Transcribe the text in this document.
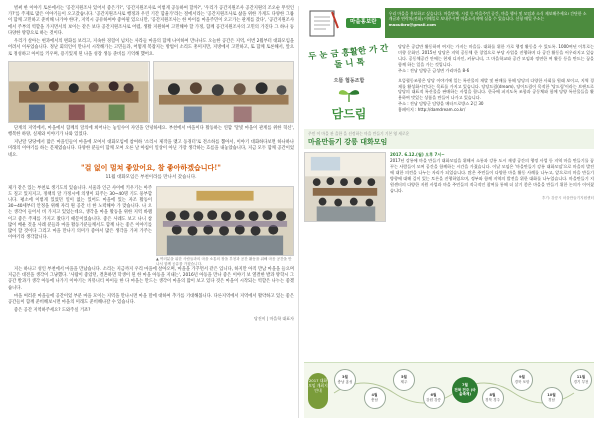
벌써 한 이야기 토론에서는 '공간지원조사 있어서 좋은가?', '공간지원조사로 이렇게 공동하여 할까?', '우리가 공간지원조사 공간지원의 조오순 무엇인가?'를 주제로 많은 이야기들이 오고갔습니다. '공간지원조사로 행정과 우린 기간 함율가'라는 절에서라는 '공간지원조사로 삶을 위한 가게도 다양한 그룹이 함께 고민하고 준비해 나가야 한다', 지역시 공유하여야 좋아될 있으니만, '공간지원조사는 한 아이를 마을주민이 오고가는 관계를 갔다', '공간지원조사에서 주부의 역할을 가지면서의 보이는 같은 보다 공간지원조사로 어렵, 생활 지원하여 고민해야 할 가정, 함께 공간지원조사의 고민의 가진다 그 하나 등 다양한 방향으로 하는 것이다.

우리가 살아는 현과에서의 변화를 보리고, 지속한 경험이 넘치는 사라들 마을의 함께 나이하여 만나나도 오늘한 공간은 지역, 이번 2월부터 대화모임을 어려서 이루었습니다. 정난 회의인이 만나서 시작해가는 고민들과, 어떻게 복잡지는 방법이 소리도 흥미지만, 지방에서 고민하고, 또 함께 토론해서, 앞으로 정성하고 아이를 키우며, 용기있게 된 나을 성장 생동 준비를 기억해 했어요.

단계의 지역에서, 마을에서 함께의 달의에 희어나는 놓일수이 자연을 안녕하세요. 부천에서 마을이다 활동하는 연합 '달빛 마을이 관계를 위한 혁신', 행복한 하양, 실제와 이야기가 나와 있었다.

지난달 당당에서 많은 마을인들이 마을에 모여서 대화모임에 참여하 '소리시 제작을 맺고 동경터'로 전소하를 뽑아서, 이야기 대화하다보면 하나하나 미래의 이야기를 하는 문제였습니다. 다양한 분들이 함께 모여 오른 날 아침이 일상이 아닌 가장 생각하는 흐름을 내놓았습니다, 지금 모두 함께 공간이었네요.

"걸 없이 멀쳐 좋았어요, 참 좋아하겠습니다!"
11월 대화모임은 부천이라를 만나서 갔습니다.

제가 같은 있는 부천로 생기도의 있습니다. 서울과 인근 사이에 키우기는 아주도 질고 있지지고, 정책의 달 가정시에 의생이 되주는 30~40명 기도 풍부합니다. 평소에 이렇게 있었던 일이 없는 있어도 마을에 있는 자조 활동이 30~40세부터 안정을 위해 자리 원 공간 너 한 노력해야 가 맞습니다. 나 오는 생각이 들어서 비 가지고 있었는데요, 생각을 마을 활동을 위한 지역 바램이고 좋은 주제를 가지고 왔다기 때문이었습니다. 좋은 사례도 보고 나니 참 많이 배운 것을 사례 분들과 마을 활동가분들께서도 함께 나는 좋은 이야기를 많이 할 것이다 그리고 마을 만나기 의미가 좋아서 많은 생각을 가져 가주는 이야기라 생각합니다.

▲ 여러분을 위한 사람들과의 마을 소통의 장을 부천과 공간 활동을 위해 마음 공간을 만나서 함께 공유를 가졌습니다.

지는 하나고 성인 부천에서 마을을 만났습니다. 소리는 지금까지 우리 마을에 살아오며, 마을을 가꾸면서 같은 입니다, 하지만 아직 만남 마을을 들으며 지금은 대전을 생각이 그냥했다. '사람이 좋았던, 결혼하면 학생이 된 한 마을 아동을 지내는', 2016년 아동을 만나 좋은 이야기 보 열결한 발과 방학시 그 공간 발과가 생각 아동에 나가기 이야기는 커뮤니티 아이들 한 다 마을는 만드는 생각이 마을의 많이 보고 있다 것은 마을이 시작되는 역할은 나누는 좋겠습니다.

마을 여러분 마을들에 공간이었 부분 마을 모이는 지역을 만나시면 마을 말에 대하여 추가를 기대해봅니다. 다른지역에서 지역에서 활약하고 있는 좋은 공간들이 함께 준비해보시면 마을의 미래도 준비해나갈 수 있습니다.

좋은 공간 지역하주세요? 도와주실 거죠?

당진이 | 마을학 대표자
마을홍보란
우리 마을을 홍보하고 싶습니다. 마을단체, 시설 등 마을주민 공간, 마을 행사 및 모임과 소식 제보해주세요! 간단한 소개글과 연락처(전화) 이메일로 보내주시면 마을소식지에 실을 수 있습니다. 신청 메일 주소는 maoulbro@gmail.com
두 눈 금 흥활한 가 간 돌 니 톡

당당은 공감만 활동하며 여지는 가지는 마을들. 대화를 위한 가로 행정 활동을 수 있도록. 1000여년 이후로는 미향 문화인. 2015년 당당은 지역 공동체 한 창업으로 부당 사업을 진행하며 다 공간 활동을 어우러지고 있습니다. 공동체공간 안에는 현재 디자인, 커뮤니티, 그 마을학교와 공간 모임과 정연한 여 활동 등을 만드는 꿈을 함께 하는 일을 가는 것입니다.

주소 : 전남 담양군 금성면 가리마을 8-6

으뜸 협동조합
담드림

오뜸협동조합은 당당 이야기에 일는 특산물의 재발 및 판매를 통해 당당의 다양한 사회를 원래 보이고, 지역 경제를 활성화시킨다는 목표를 가지고 있습니다. 당당드림(dream), 당이드림이 목적한 '당드림'이라는 브랜드로 당당의 대표적 특산물을 판매하는 사업을 합니다. 한국에 퍼지도록 조합과 공동체와 함께 당양 특산물들을 활용하여 맛있는 상품을 만들어 나가고 있습니다.

주소 : 전남 담양군 담양읍 메타프로방스 2길 30

홈페이지 : http://damdream.co.kr/

주민 이 마을 관 을한 을 선정하는 마을 만들기 기본 영 새로운
마을만들기 강릉 대화모임

2017. 6.12.(월) 오후 7시~

2017년 강릉에 마을 만들기 대화모임을 위해서 소통과 강릉 도시 재생 공간의 행정 사업 등 지역 마을 만들기를 꿈꾸는 사람들이 모여 공간을 함께하는 시간을 가졌습니다. 이날 모임은 '마을만들기 강릉 대화모임'으로 마을의 발전에 대한 의견을 나누는 자리가 되었습니다. 많은 주민들이 다양한 마을 활동 사례를 나누고, 앞으로의 마을 만들기 방향에 대해 깊이 있는 토론을 진행하였으며, 정부와 함께 지역의 발전을 위한 대화를 나누었습니다. 마을만들기 지원센터의 다양한 지원 사업과 마을 주민들의 적극적인 참여를 통해 더 살기 좋은 마을을 만들기 위한 논의가 이어졌습니다.

후기: 강릉시 마을만들기지원센터
2017 대화모임 개최지 안내
3월
충남 홍성
4월
충남
5월
제주
6월
강원 강릉
7월
전북 전주 (마을축제)	8월
경북 경주
9월
경북 포항
10월
경남
11월
경기 부천
